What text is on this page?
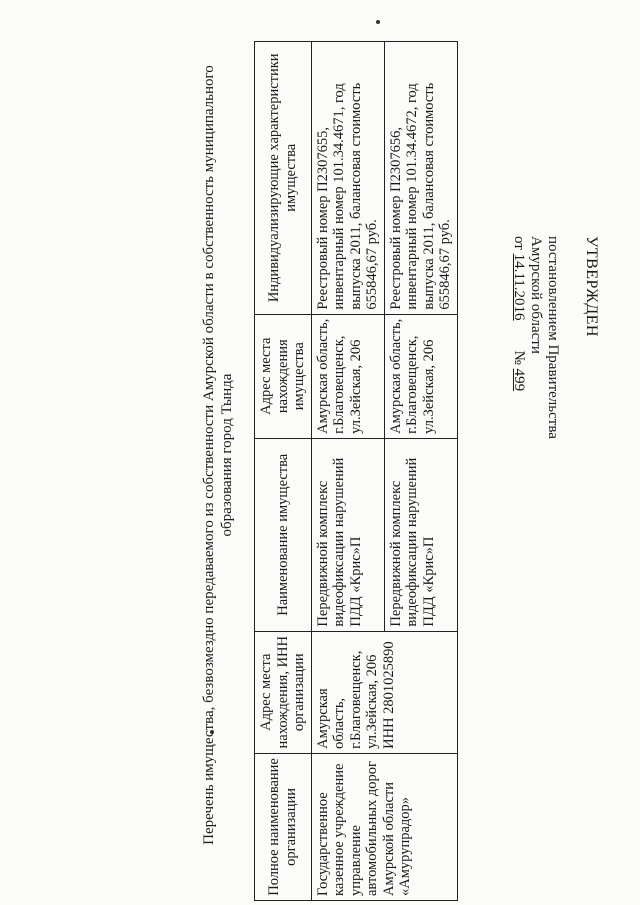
УТВЕРЖДЕН
постановлением Правительства
Амурской области
от 14.11.2016        № 499
Перечень имущества, безвозмездно передаваемого из собственности Амурской области в собственность муниципального образования город Тында
Полное наименование организации	Адрес места нахождения, ИНН организации	Наименование имущества	Адрес места нахождения имущества	Индивидуализирующие характеристики имущества
Государственное казенное учреждение управление автомобильных дорог Амурской области «Амурупрадор»	Амурская область, г.Благовещенск, ул.Зейская, 206 ИНН 2801025890	Передвижной комплекс видеофиксации нарушений ПДД «Крис»П	Амурская область, г.Благовещенск, ул.Зейская, 206	Реестровый номер П2307655, инвентарный номер 101.34.4671, год выпуска 2011, балансовая стоимость 655846,67 руб.
		Передвижной комплекс видеофиксации нарушений ПДД «Крис»П	Амурская область, г.Благовещенск, ул.Зейская, 206	Реестровый номер П2307656, инвентарный номер 101.34.4672, год выпуска 2011, балансовая стоимость 655846,67 руб.
